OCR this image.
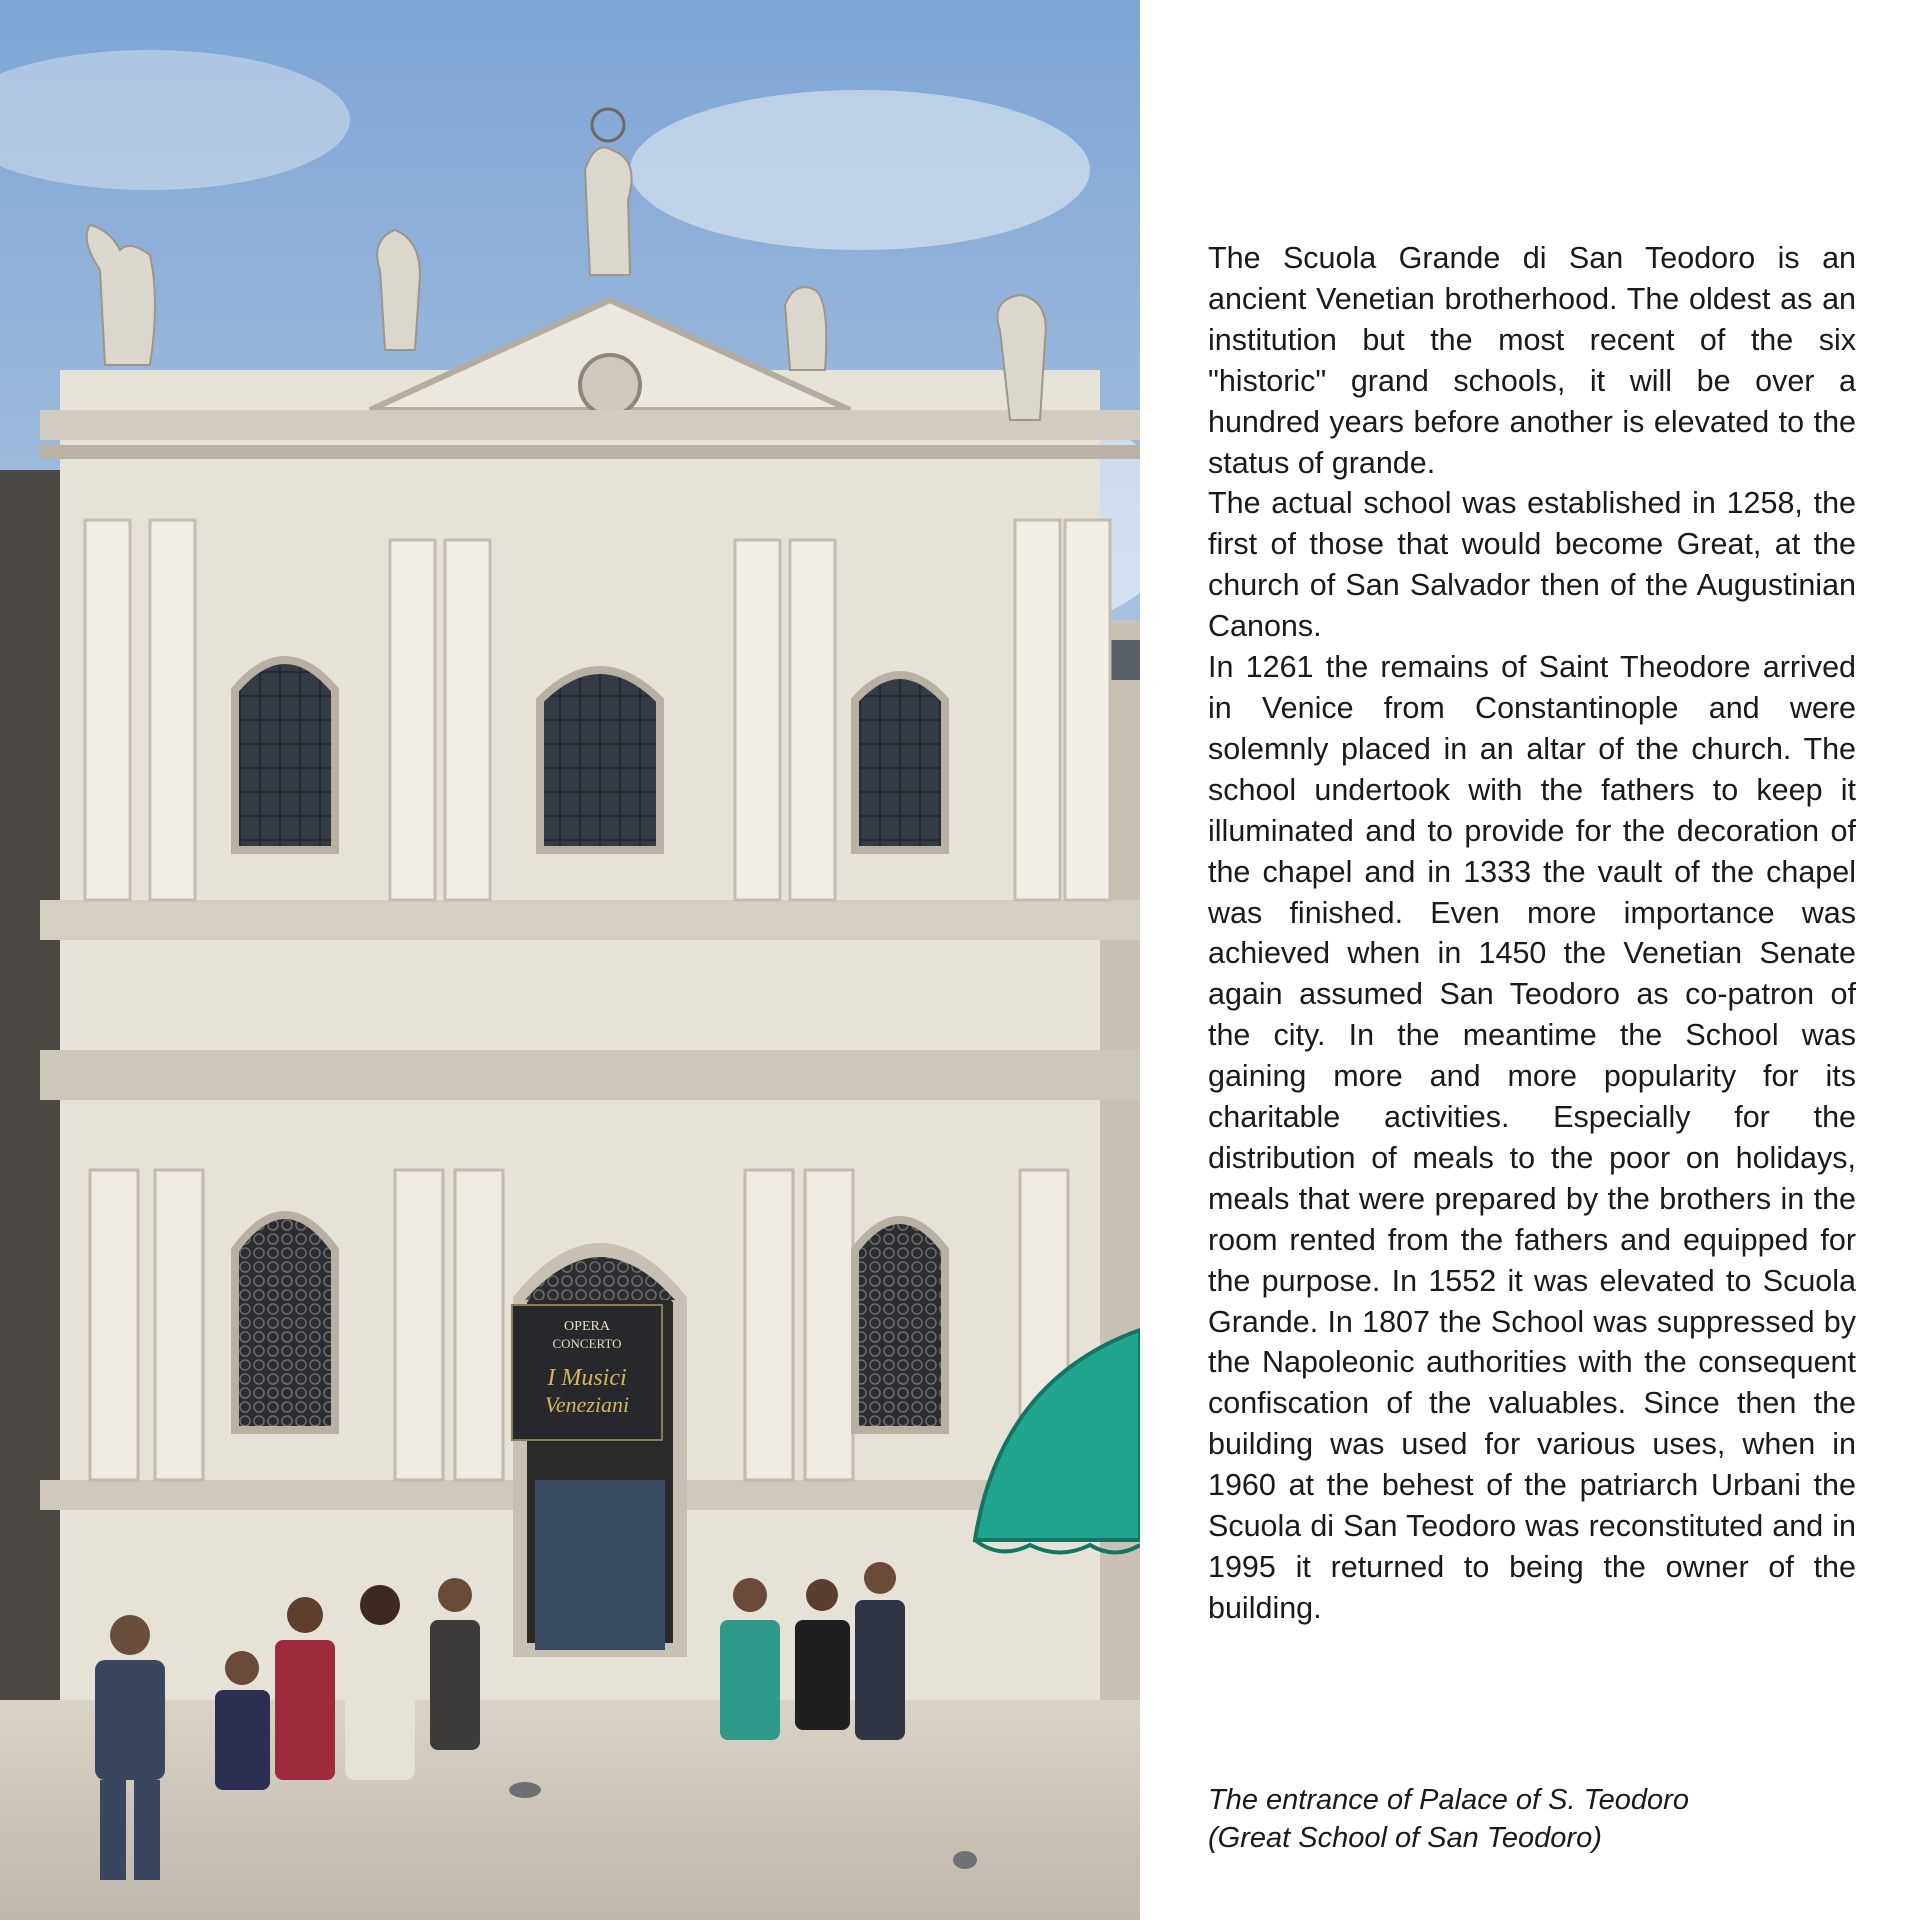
OPERA
CONCERTO
I Musici
Veneziani

The Scuola Grande di San Teodoro is an ancient Venetian brotherhood. The oldest as an institution but the most recent of the six "historic" grand schools, it will be over a hundred years before another is elevated to the status of grande.

The actual school was established in 1258, the first of those that would become Great, at the church of San Salvador then of the Augustinian Canons.

In 1261 the remains of Saint Theodore arrived in Venice from Constantinople and were solemnly placed in an altar of the church. The school undertook with the fathers to keep it illuminated and to provide for the decoration of the chapel and in 1333 the vault of the chapel was finished. Even more importance was achieved when in 1450 the Venetian Senate again assumed San Teodoro as co-patron of the city. In the meantime the School was gaining more and more popularity for its charitable activities. Especially for the distribution of meals to the poor on holidays, meals that were prepared by the brothers in the room rented from the fathers and equipped for the purpose. In 1552 it was elevated to Scuola Grande. In 1807 the School was suppressed by the Napoleonic authorities with the consequent confiscation of the valuables. Since then the building was used for various uses, when in 1960 at the behest of the patriarch Urbani the Scuola di San Teodoro was reconstituted and in 1995 it returned to being the owner of the building.

The entrance of Palace of S. Teodoro
(Great School of San Teodoro)
